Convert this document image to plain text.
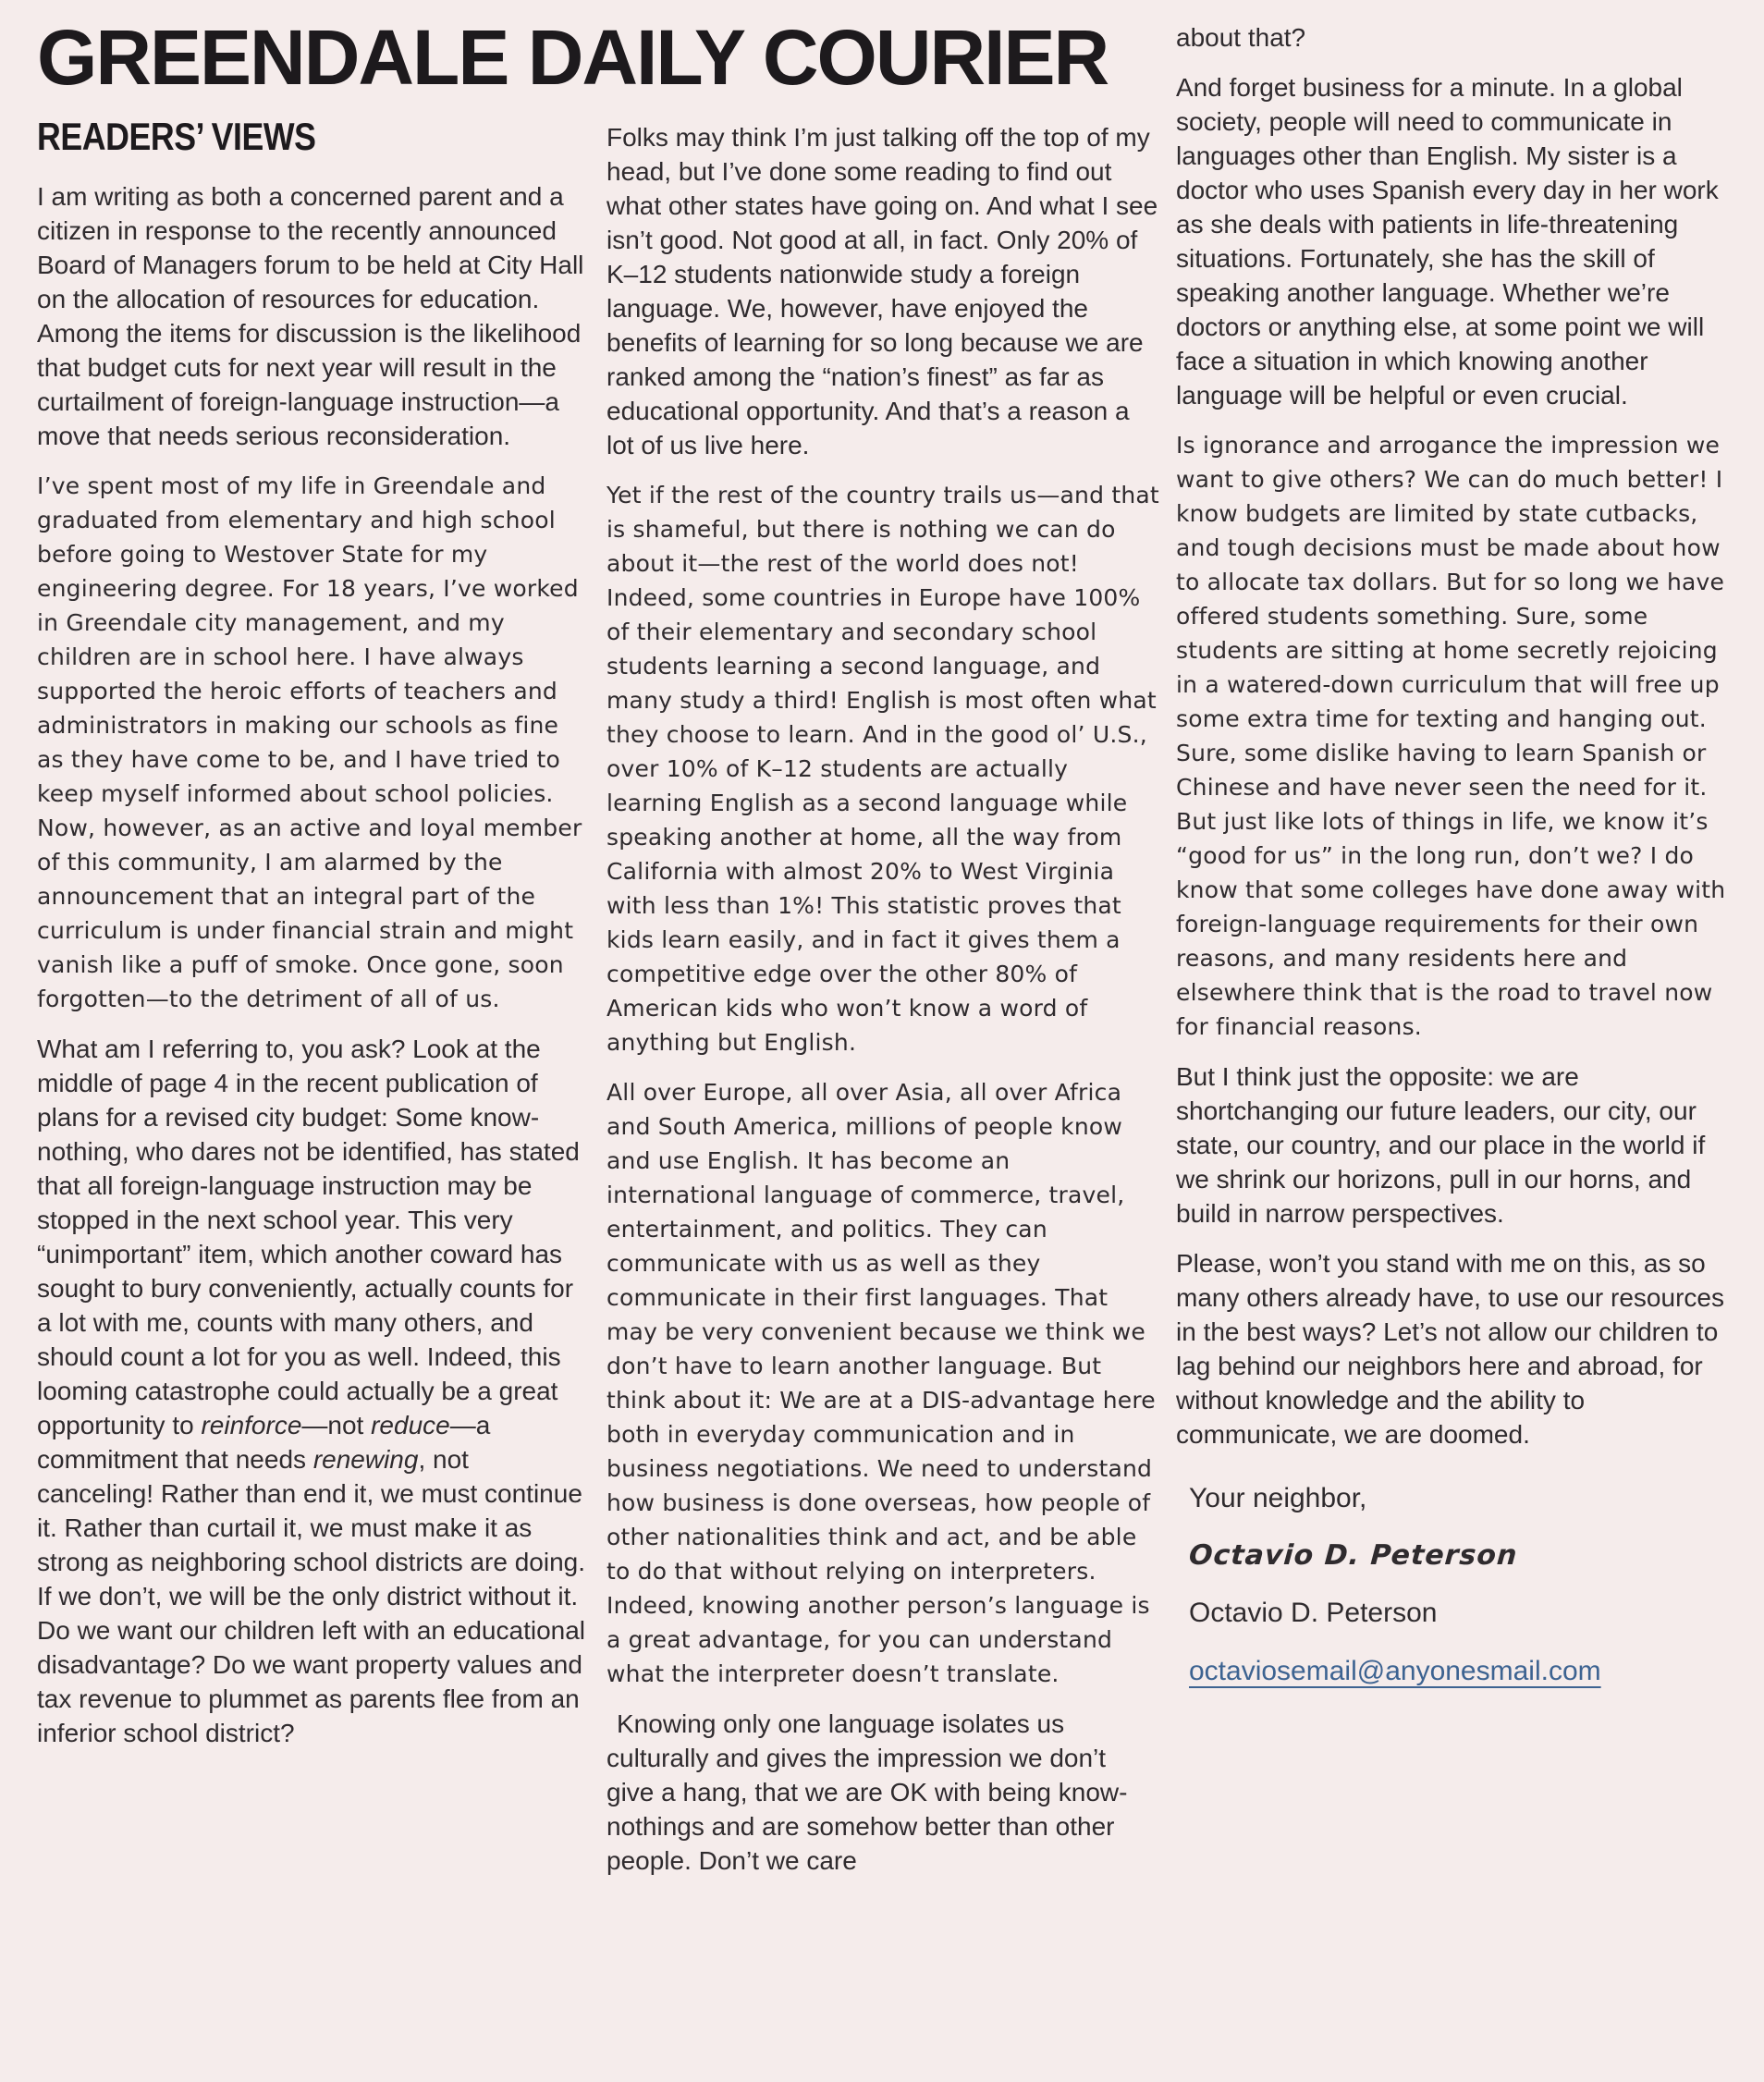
GREENDALE DAILY COURIER
READERS’ VIEWS

I am writing as both a concerned parent and a citizen in response to the recently announced Board of Managers forum to be held at City Hall on the allocation of resources for education. Among the items for discussion is the likelihood that budget cuts for next year will result in the curtailment of foreign-language instruction—a move that needs serious reconsideration.

I’ve spent most of my life in Greendale and graduated from elementary and high school before going to Westover State for my engineering degree. For 18 years, I’ve worked in Greendale city management, and my children are in school here. I have always supported the heroic efforts of teachers and administrators in making our schools as fine as they have come to be, and I have tried to keep myself informed about school policies. Now, however, as an active and loyal member of this community, I am alarmed by the announcement that an integral part of the curriculum is under financial strain and might vanish like a puff of smoke. Once gone, soon forgotten—to the detriment of all of us.

What am I referring to, you ask? Look at the middle of page 4 in the recent publication of plans for a revised city budget: Some know-nothing, who dares not be identified, has stated that all foreign-language instruction may be stopped in the next school year. This very “unimportant” item, which another coward has sought to bury conveniently, actually counts for a lot with me, counts with many others, and should count a lot for you as well. Indeed, this looming catastrophe could actually be a great opportunity to reinforce—not reduce—a commitment that needs renewing, not canceling! Rather than end it, we must continue it. Rather than curtail it, we must make it as strong as neighboring school districts are doing. If we don’t, we will be the only district without it. Do we want our children left with an educational disadvantage? Do we want property values and tax revenue to plummet as parents flee from an inferior school district?

Folks may think I’m just talking off the top of my head, but I’ve done some reading to find out what other states have going on. And what I see isn’t good. Not good at all, in fact. Only 20% of K–12 students nationwide study a foreign language. We, however, have enjoyed the benefits of learning for so long because we are ranked among the “nation’s finest” as far as educational opportunity. And that’s a reason a lot of us live here.

Yet if the rest of the country trails us—and that is shameful, but there is nothing we can do about it—the rest of the world does not! Indeed, some countries in Europe have 100% of their elementary and secondary school students learning a second language, and many study a third! English is most often what they choose to learn. And in the good ol’ U.S., over 10% of K–12 students are actually learning English as a second language while speaking another at home, all the way from California with almost 20% to West Virginia with less than 1%! This statistic proves that kids learn easily, and in fact it gives them a competitive edge over the other 80% of American kids who won’t know a word of anything but English.

All over Europe, all over Asia, all over Africa and South America, millions of people know and use English. It has become an international language of commerce, travel, entertainment, and politics. They can communicate with us as well as they communicate in their first languages. That may be very convenient because we think we don’t have to learn another language. But think about it: We are at a DIS-advantage here both in everyday communication and in business negotiations. We need to understand how business is done overseas, how people of other nationalities think and act, and be able to do that without relying on interpreters. Indeed, knowing another person’s language is a great advantage, for you can understand what the interpreter doesn’t translate.

Knowing only one language isolates us culturally and gives the impression we don’t give a hang, that we are OK with being know-nothings and are somehow better than other people. Don’t we care

about that?

And forget business for a minute. In a global society, people will need to communicate in languages other than English. My sister is a doctor who uses Spanish every day in her work as she deals with patients in life-threatening situations. Fortunately, she has the skill of speaking another language. Whether we’re doctors or anything else, at some point we will face a situation in which knowing another language will be helpful or even crucial.

Is ignorance and arrogance the impression we want to give others? We can do much better! I know budgets are limited by state cutbacks, and tough decisions must be made about how to allocate tax dollars. But for so long we have offered students something. Sure, some students are sitting at home secretly rejoicing in a watered-down curriculum that will free up some extra time for texting and hanging out. Sure, some dislike having to learn Spanish or Chinese and have never seen the need for it. But just like lots of things in life, we know it’s “good for us” in the long run, don’t we? I do know that some colleges have done away with foreign-language requirements for their own reasons, and many residents here and elsewhere think that is the road to travel now for financial reasons.

But I think just the opposite: we are shortchanging our future leaders, our city, our state, our country, and our place in the world if we shrink our horizons, pull in our horns, and build in narrow perspectives.

Please, won’t you stand with me on this, as so many others already have, to use our resources in the best ways? Let’s not allow our children to lag behind our neighbors here and abroad, for without knowledge and the ability to communicate, we are doomed.

Your neighbor,
Octavio D. Peterson
Octavio D. Peterson
octaviosemail@anyonesmail.com
